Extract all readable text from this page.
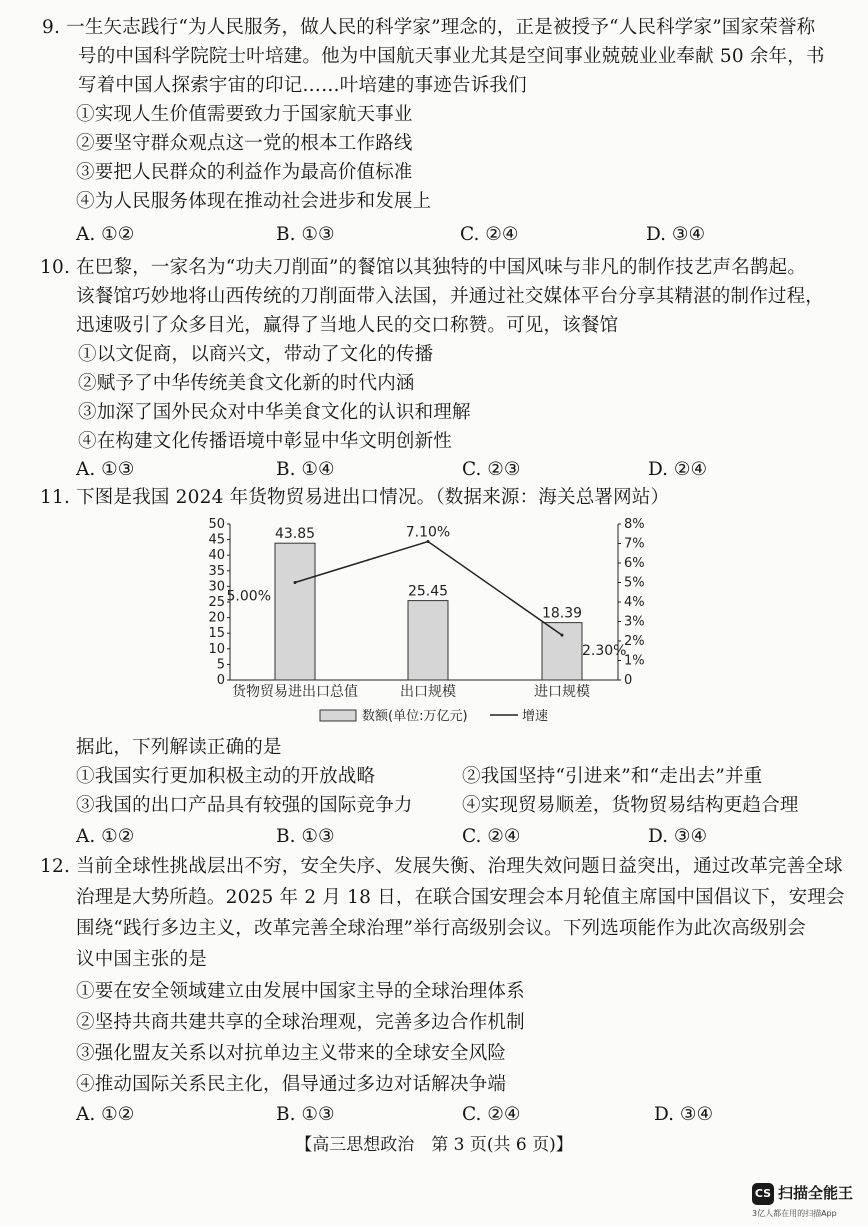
9. 一生矢志践行“为人民服务，做人民的科学家”理念的，正是被授予“人民科学家”国家荣誉称
号的中国科学院院士叶培建。他为中国航天事业尤其是空间事业兢兢业业奉献 50 余年，书
写着中国人探索宇宙的印记……叶培建的事迹告诉我们
①实现人生价值需要致力于国家航天事业
②要坚守群众观点这一党的根本工作路线
③要把人民群众的利益作为最高价值标准
④为人民服务体现在推动社会进步和发展上
A. ①②	B. ①③	C. ②④	D. ③④
10. 在巴黎，一家名为“功夫刀削面”的餐馆以其独特的中国风味与非凡的制作技艺声名鹊起。
该餐馆巧妙地将山西传统的刀削面带入法国，并通过社交媒体平台分享其精湛的制作过程，
迅速吸引了众多目光，赢得了当地人民的交口称赞。可见，该餐馆
①以文促商，以商兴文，带动了文化的传播
②赋予了中华传统美食文化新的时代内涵
③加深了国外民众对中华美食文化的认识和理解
④在构建文化传播语境中彰显中华文明创新性
A. ①③	B. ①④	C. ②③	D. ②④
11. 下图是我国 2024 年货物贸易进出口情况。（数据来源：海关总署网站）
0
5
10
15
20
25
30
35
40
45
50
0
1%
2%
3%
4%
5%
6%
7%
8%
43.85
货物贸易进出口总值
25.45
出口规模
18.39
进口规模
5.00%
7.10%
2.30%
数额(单位:万亿元)	增速
据此，下列解读正确的是
①我国实行更加积极主动的开放战略	②我国坚持“引进来”和“走出去”并重
③我国的出口产品具有较强的国际竞争力	④实现贸易顺差，货物贸易结构更趋合理
A. ①②	B. ①③	C. ②④	D. ③④
12. 当前全球性挑战层出不穷，安全失序、发展失衡、治理失效问题日益突出，通过改革完善全球
治理是大势所趋。2025 年 2 月 18 日，在联合国安理会本月轮值主席国中国倡议下，安理会
围绕“践行多边主义，改革完善全球治理”举行高级别会议。下列选项能作为此次高级别会
议中国主张的是
①要在安全领域建立由发展中国家主导的全球治理体系
②坚持共商共建共享的全球治理观，完善多边合作机制
③强化盟友关系以对抗单边主义带来的全球安全风险
④推动国际关系民主化，倡导通过多边对话解决争端
A. ①②	B. ①③	C. ②④	D. ③④
【高三思想政治　第 3 页(共 6 页)】
CS 扫描全能王
3亿人都在用的扫描App
